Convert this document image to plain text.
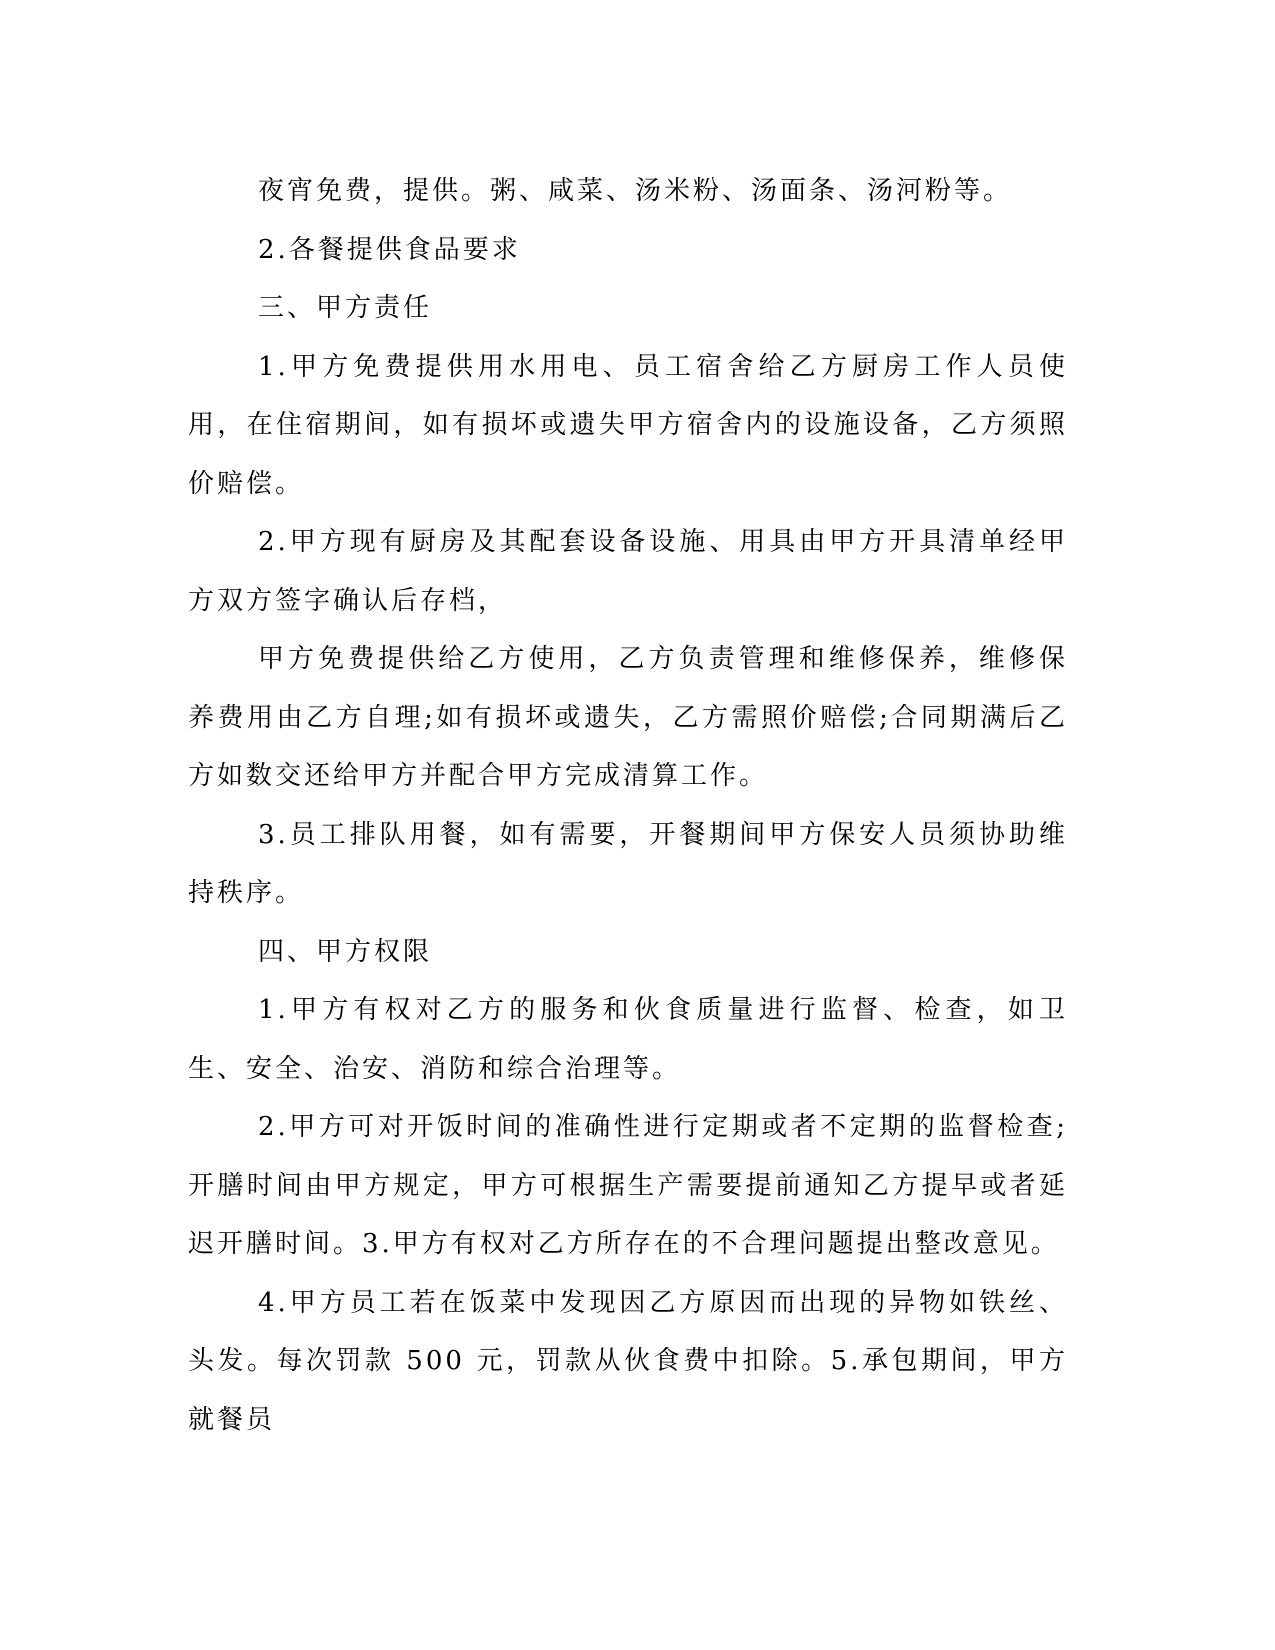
夜宵免费，提供。粥、咸菜、汤米粉、汤面条、汤河粉等。

2.各餐提供食品要求

三、甲方责任

1.甲方免费提供用水用电、员工宿舍给乙方厨房工作人员使用，在住宿期间，如有损坏或遗失甲方宿舍内的设施设备，乙方须照价赔偿。

2.甲方现有厨房及其配套设备设施、用具由甲方开具清单经甲方双方签字确认后存档，

甲方免费提供给乙方使用，乙方负责管理和维修保养，维修保养费用由乙方自理;如有损坏或遗失，乙方需照价赔偿;合同期满后乙方如数交还给甲方并配合甲方完成清算工作。

3.员工排队用餐，如有需要，开餐期间甲方保安人员须协助维持秩序。

四、甲方权限

1.甲方有权对乙方的服务和伙食质量进行监督、检查，如卫生、安全、治安、消防和综合治理等。

2.甲方可对开饭时间的准确性进行定期或者不定期的监督检查;开膳时间由甲方规定，甲方可根据生产需要提前通知乙方提早或者延迟开膳时间。3.甲方有权对乙方所存在的不合理问题提出整改意见。

4.甲方员工若在饭菜中发现因乙方原因而出现的异物如铁丝、头发。每次罚款 500 元，罚款从伙食费中扣除。5.承包期间，甲方就餐员
